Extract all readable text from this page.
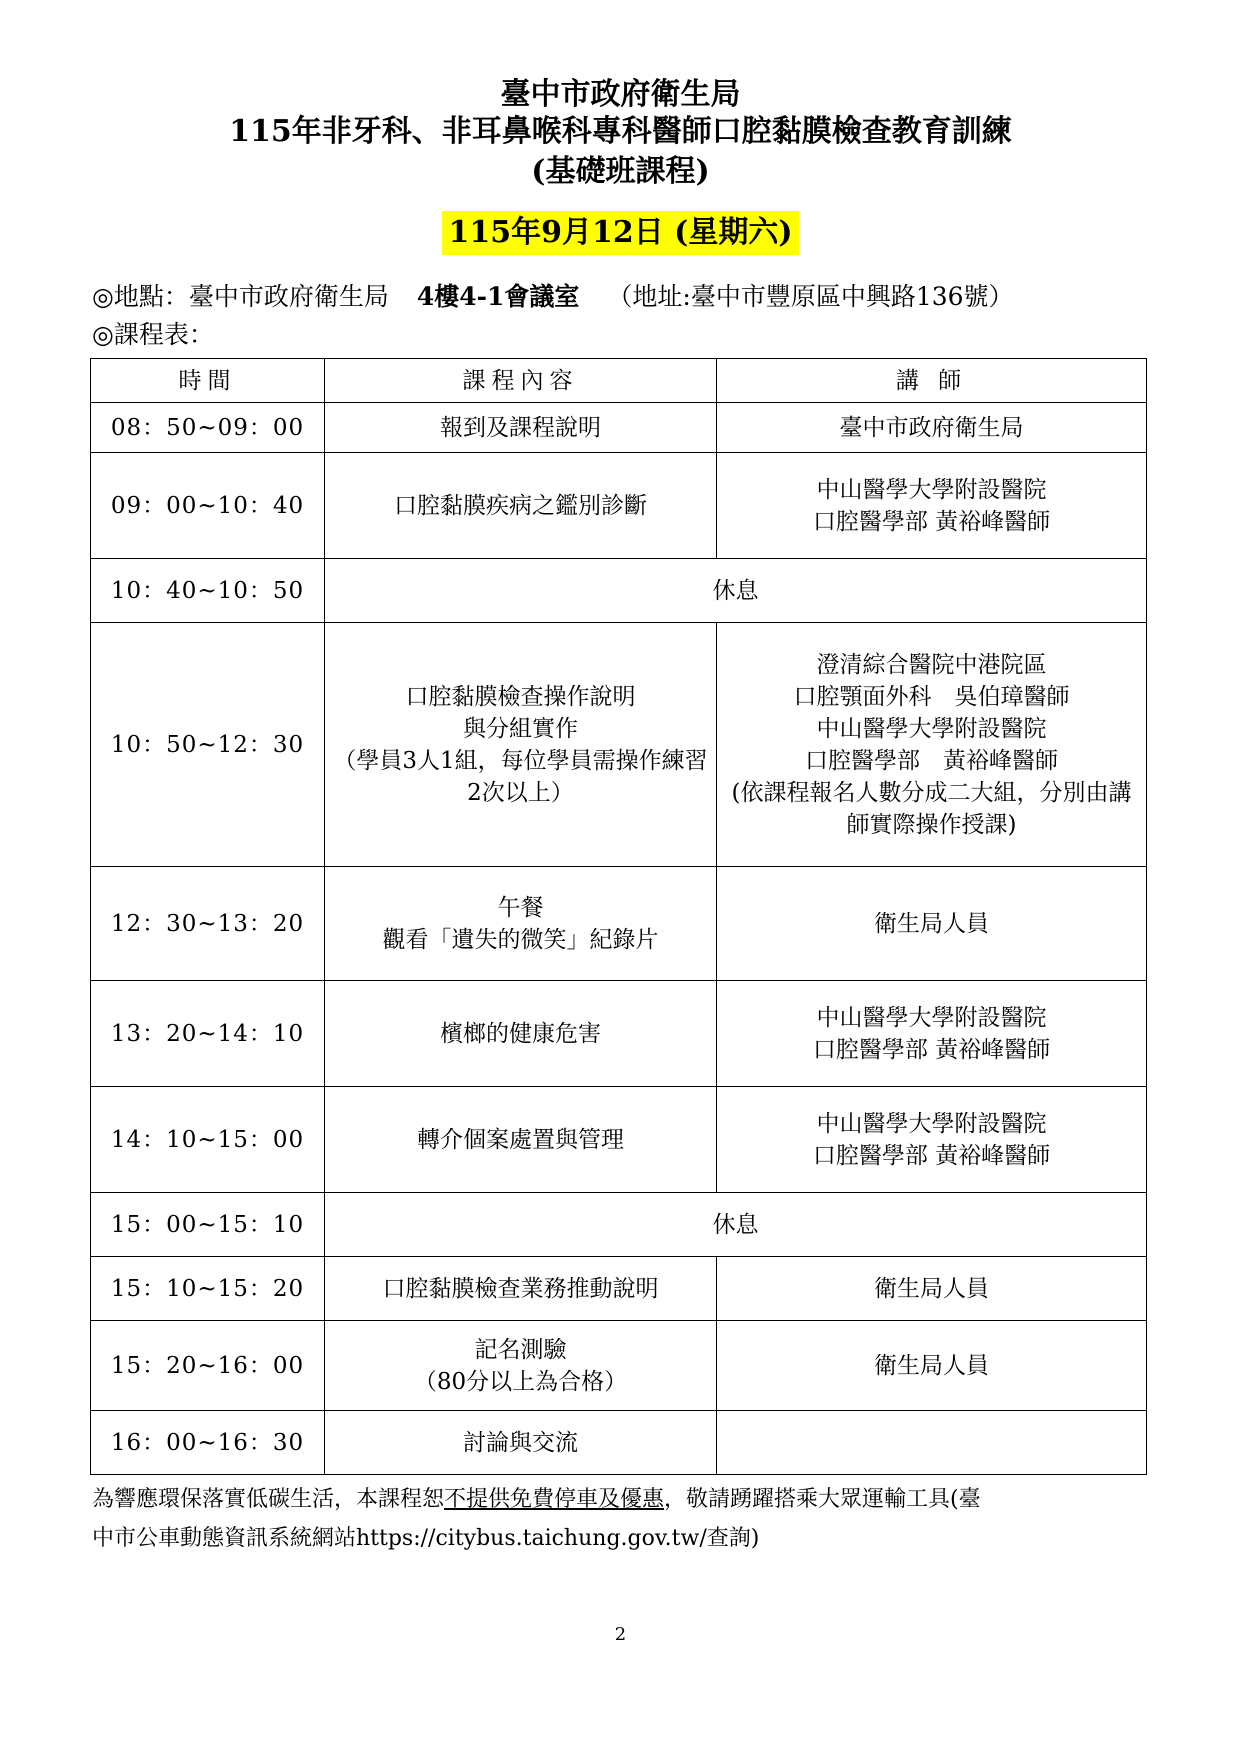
臺中市政府衛生局
115年非牙科、非耳鼻喉科專科醫師口腔黏膜檢查教育訓練
(基礎班課程)
115年9月12日 (星期六)
◎地點：臺中市政府衛生局 4樓4-1會議室 （地址:臺中市豐原區中興路136號）
◎課程表：
時間	課程內容	講 師
08：50~09：00	報到及課程說明	臺中市政府衛生局

09：00~10：40	口腔黏膜疾病之鑑別診斷	中山醫學大學附設醫院
口腔醫學部 黃裕峰醫師

10：40~10：50	休息	
10：50~12：30	口腔黏膜檢查操作說明
與分組實作
（學員3人1組，每位學員需操作練習2次以上）	澄清綜合醫院中港院區
口腔顎面外科　吳伯璋醫師
中山醫學大學附設醫院
口腔醫學部　黃裕峰醫師
(依課程報名人數分成二大組，分別由講師實際操作授課)

12：30~13：20	午餐
觀看「遺失的微笑」紀錄片	衛生局人員

13：20~14：10	檳榔的健康危害	中山醫學大學附設醫院
口腔醫學部 黃裕峰醫師

14：10~15：00	轉介個案處置與管理	中山醫學大學附設醫院
口腔醫學部 黃裕峰醫師

15：00~15：10	休息	
15：10~15：20	口腔黏膜檢查業務推動說明	衛生局人員

15：20~16：00	記名測驗
（80分以上為合格）	衛生局人員

16：00~16：30	討論與交流	

為響應環保落實低碳生活，本課程恕不提供免費停車及優惠，敬請踴躍搭乘大眾運輸工具(臺
中市公車動態資訊系統網站https://citybus.taichung.gov.tw/查詢)
2
